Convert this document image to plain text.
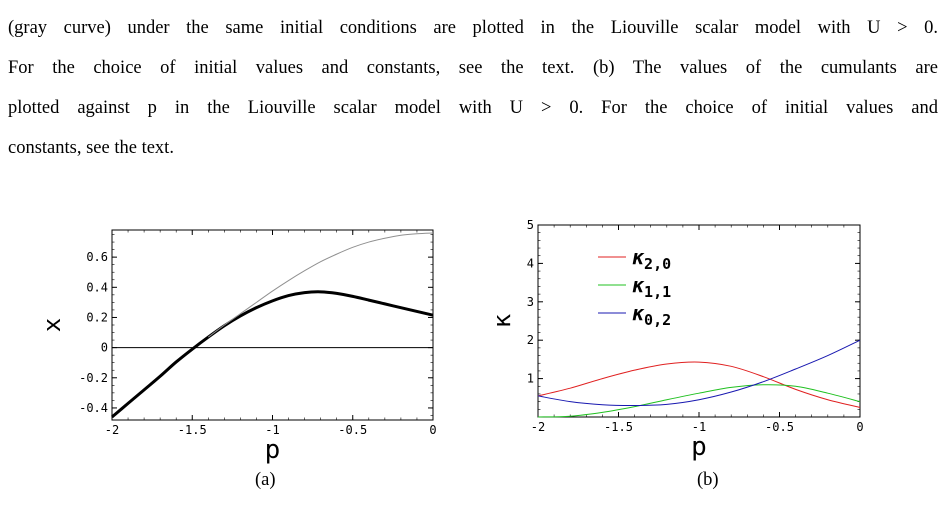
(gray curve) under the same initial conditions are plotted in the Liouville scalar model with U > 0.
For the choice of initial values and constants, see the text. (b) The values of the cumulants are
plotted against p in the Liouville scalar model with U > 0. For the choice of initial values and
constants, see the text.
-2	-1.5	-1	-0.5	0
-0.4
-0.2
0
0.2
0.4
0.6
p
x
-2	-1.5	-1	-0.5	0
1
2
3
4
5
p
κ
$\kappa_{2,0}$
$\kappa_{1,1}$
$\kappa_{0,2}$
(a)	(b)
